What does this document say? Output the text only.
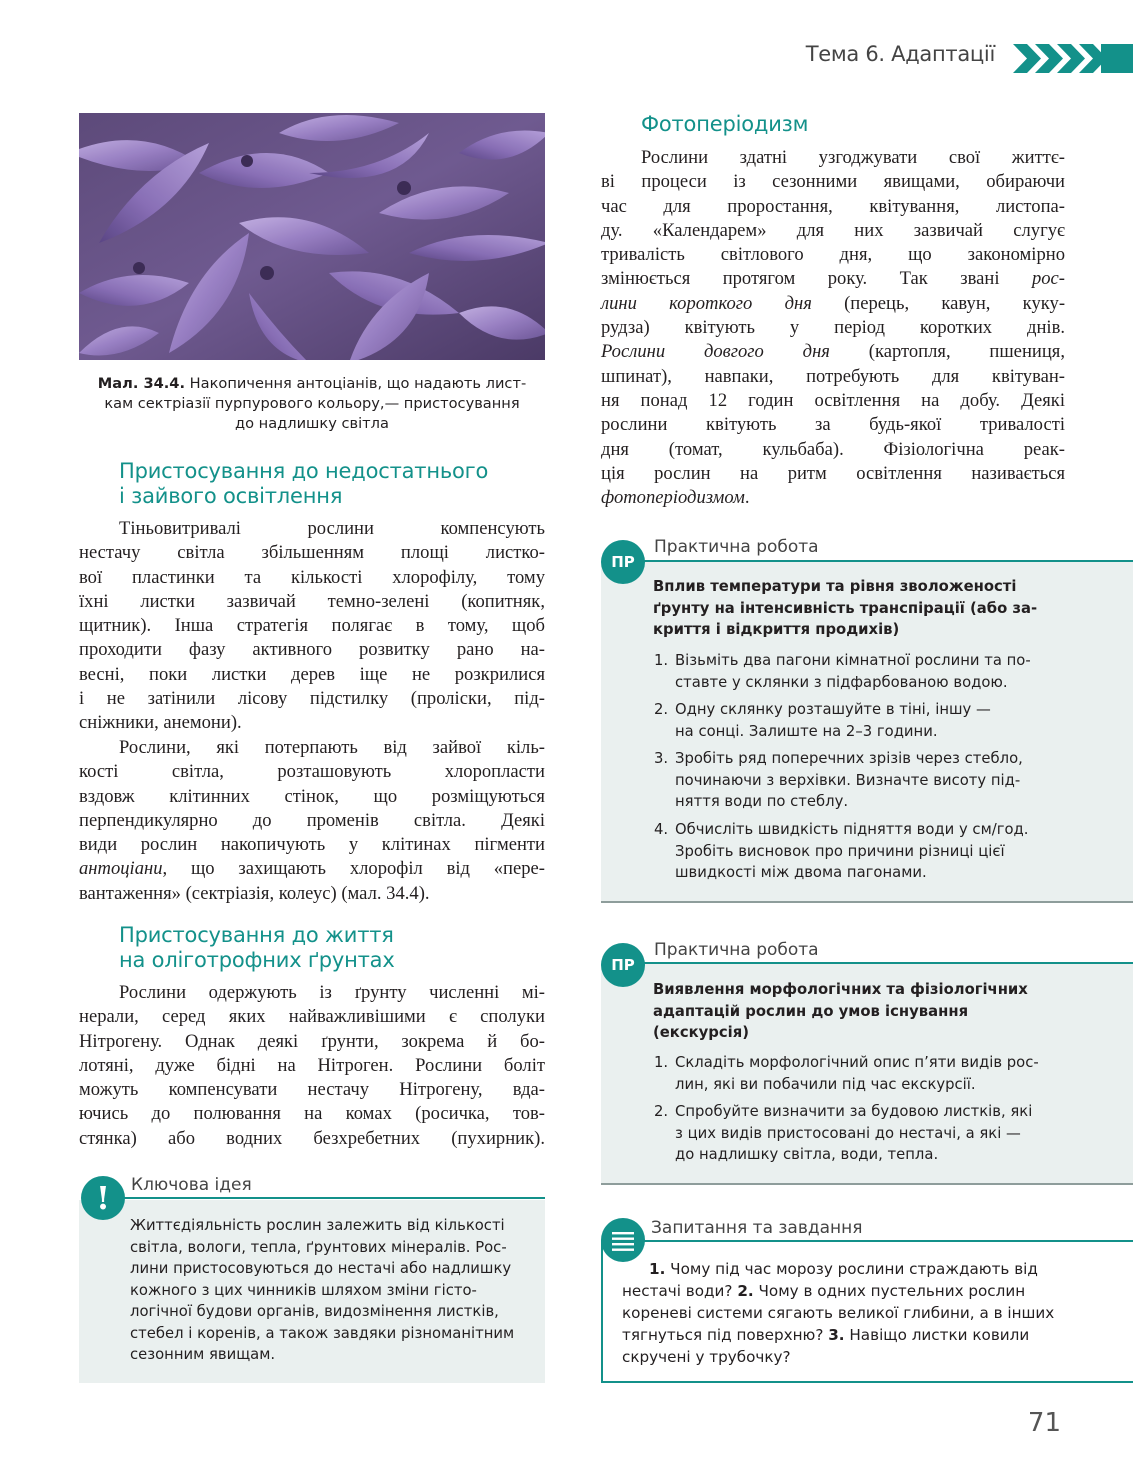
Тема 6. Адаптації
Мал. 34.4. Накопичення антоціанів, що надають лист-
кам сектріазії пурпурового кольору,— пристосування
до надлишку світла
Пристосування до недостатнього
і зайвого освітлення
Тіньовитривалі рослини компенсують
нестачу світла збільшенням площі листко-
вої пластинки та кількості хлорофілу, тому
їхні листки зазвичай темно-зелені (копитняк,
щитник). Інша стратегія полягає в тому, щоб
проходити фазу активного розвитку рано на-
весні, поки листки дерев іще не розкрилися
і не затінили лісову підстилку (проліски, під-
сніжники, анемони).
Рослини, які потерпають від зайвої кіль-
кості світла, розташовують хлоропласти
вздовж клітинних стінок, що розміщуються
перпендикулярно до променів світла. Деякі
види рослин накопичують у клітинах пігменти
антоціани, що захищають хлорофіл від «пере-
вантаження» (сектріазія, колеус) (мал. 34.4).
Пристосування до життя
на оліготрофних ґрунтах
Рослини одержують із ґрунту численні мі-
нерали, серед яких найважливішими є сполуки
Нітрогену. Однак деякі ґрунти, зокрема й бо-
лотяні, дуже бідні на Нітроген. Рослини боліт
можуть компенсувати нестачу Нітрогену, вда-
ючись до полювання на комах (росичка, тов-
стянка) або водних безхребетних (пухирник).
!	Ключова ідея
Життєдіяльність рослин залежить від кількості
світла, вологи, тепла, ґрунтових мінералів. Рос-
лини пристосовуються до нестачі або надлишку
кожного з цих чинників шляхом зміни гісто-
логічної будови органів, видозмінення листків,
стебел і коренів, а також завдяки різноманітним
сезонним явищам.
Фотоперіодизм
Рослини здатні узгоджувати свої життє-
ві процеси із сезонними явищами, обираючи
час для проростання, квітування, листопа-
ду. «Календарем» для них зазвичай слугує
тривалість світлового дня, що закономірно
змінюється протягом року. Так звані рос-
лини короткого дня (перець, кавун, куку-
рудза) квітують у період коротких днів.
Рослини довгого дня (картопля, пшениця,
шпинат), навпаки, потребують для квітуван-
ня понад 12 годин освітлення на добу. Деякі
рослини квітують за будь-якої тривалості
дня (томат, кульбаба). Фізіологічна реак-
ція рослин на ритм освітлення називається
фотоперіодизмом.
ПР
Практична робота
Вплив температури та рівня зволоженості
ґрунту на інтенсивність транспірації (або за-
криття і відкриття продихів)
1. Візьміть два пагони кімнатної рослини та по-
ставте у склянки з підфарбованою водою.
2. Одну склянку розташуйте в тіні, іншу —
на сонці. Залиште на 2–3 години.
3. Зробіть ряд поперечних зрізів через стебло,
починаючи з верхівки. Визначте висоту під-
няття води по стеблу.
4. Обчисліть швидкість підняття води у см/год.
Зробіть висновок про причини різниці цієї
швидкості між двома пагонами.
ПР
Практична робота
Виявлення морфологічних та фізіологічних
адаптацій рослин до умов існування
(екскурсія)
1. Складіть морфологічний опис п’яти видів рос-
лин, які ви побачили під час екскурсії.
2. Спробуйте визначити за будовою листків, які
з цих видів пристосовані до нестачі, а які —
до надлишку світла, води, тепла.
Запитання та завдання
1. Чому під час морозу рослини страждають від
нестачі води? 2. Чому в одних пустельних рослин
кореневі системи сягають великої глибини, а в інших
тягнуться під поверхню? 3. Навіщо листки ковили
скручені у трубочку?
71
